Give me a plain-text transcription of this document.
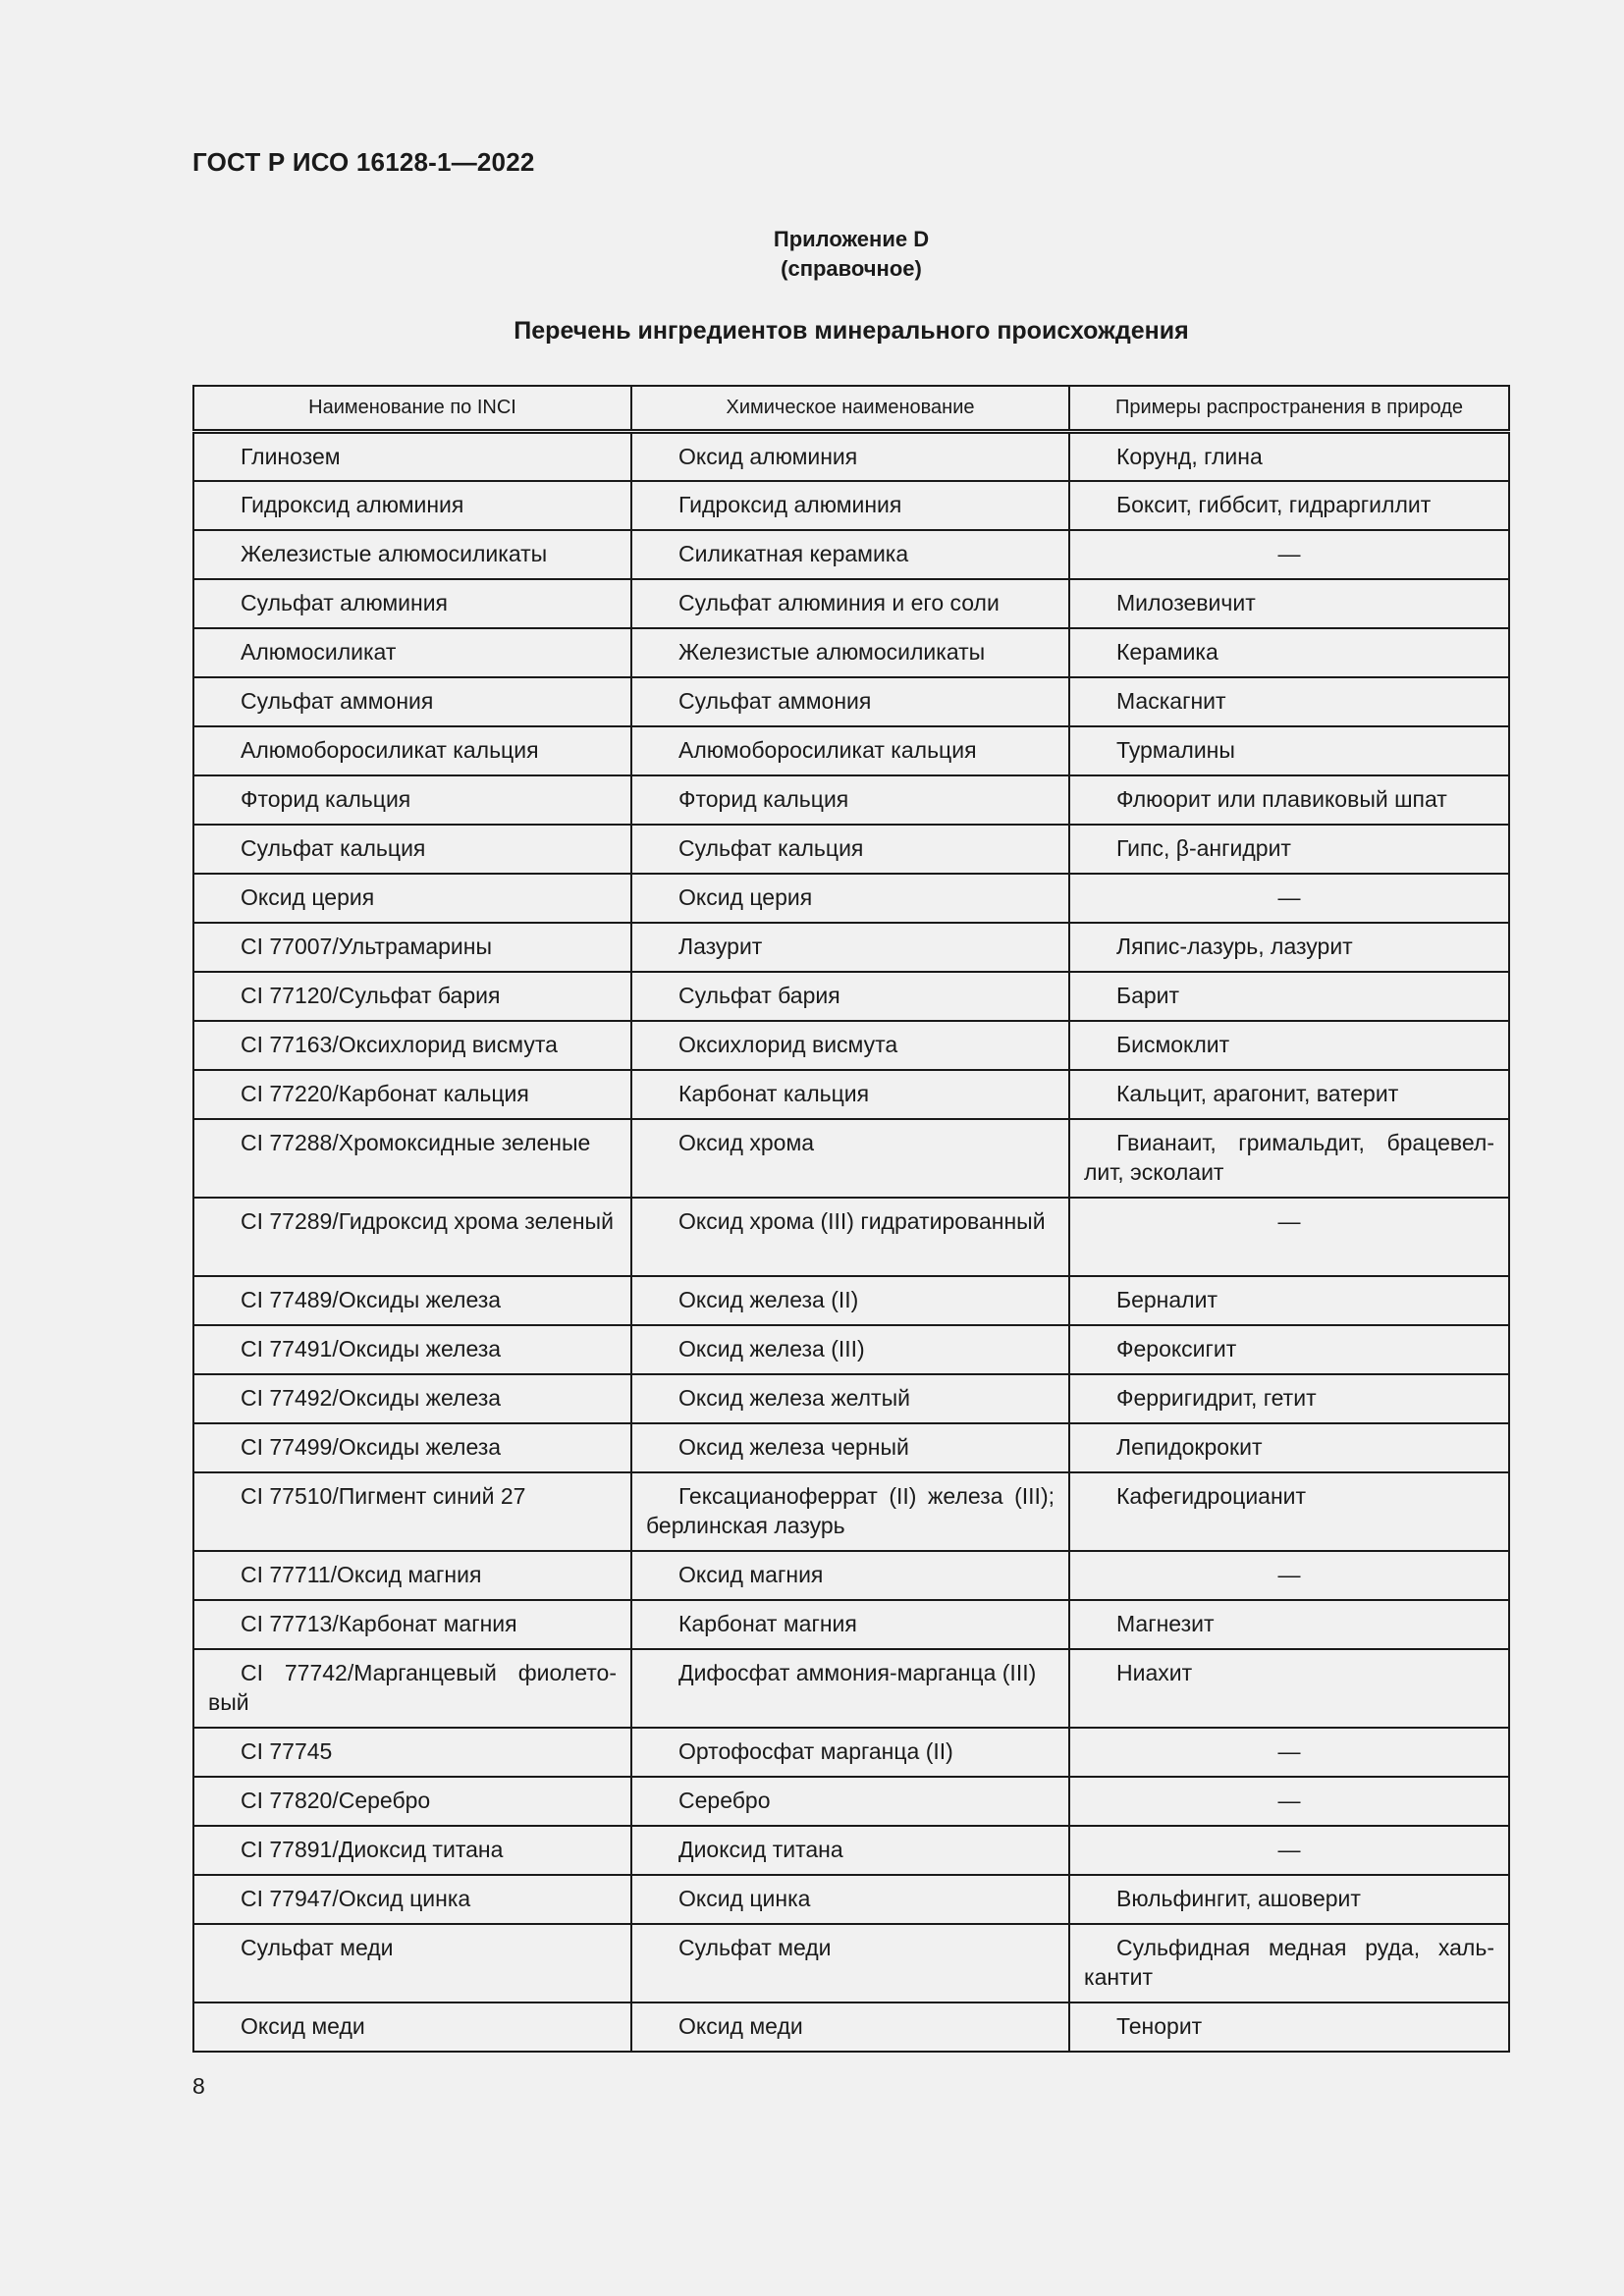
ГОСТ Р ИСО 16128-1—2022
Приложение D
(справочное)
Перечень ингредиентов минерального происхождения
Наименование по INCI	Химическое наименование	Примеры распространения в природе

Глинозем	Оксид алюминия	Корунд, глина

Гидроксид алюминия	Гидроксид алюминия	Боксит, гиббсит, гидраргиллит

Железистые алюмосиликаты	Силикатная керамика	—

Сульфат алюминия	Сульфат алюминия и его соли	Милозевичит

Алюмосиликат	Железистые алюмосиликаты	Керамика

Сульфат аммония	Сульфат аммония	Маскагнит

Алюмоборосиликат кальция	Алюмоборосиликат кальция	Турмалины

Фторид кальция	Фторид кальция	Флюорит или плавиковый шпат

Сульфат кальция	Сульфат кальция	Гипс, β-ангидрит

Оксид церия	Оксид церия	—

CI 77007/Ультрамарины	Лазурит	Ляпис-лазурь, лазурит

CI 77120/Сульфат бария	Сульфат бария	Барит

CI 77163/Оксихлорид висмута	Оксихлорид висмута	Бисмоклит

CI 77220/Карбонат кальция	Карбонат кальция	Кальцит, арагонит, ватерит

CI 77288/Хромоксидные зеленые	Оксид хрома	Гвианаит, гримальдит, брацевеллит, эсколаит

CI 77289/Гидроксид хрома зеленый	Оксид хрома (III) гидратированный	—

CI 77489/Оксиды железа	Оксид железа (II)	Берналит

CI 77491/Оксиды железа	Оксид железа (III)	Фероксигит

CI 77492/Оксиды железа	Оксид железа желтый	Ферригидрит, гетит

CI 77499/Оксиды железа	Оксид железа черный	Лепидокрокит

CI 77510/Пигмент синий 27	Гексацианоферрат (II) железа (III); берлинская лазурь	Кафегидроцианит

CI 77711/Оксид магния	Оксид магния	—

CI 77713/Карбонат магния	Карбонат магния	Магнезит

CI 77742/Марганцевый фиолетовый	Дифосфат аммония-марганца (III)	Ниахит

CI 77745	Ортофосфат марганца (II)	—

CI 77820/Серебро	Серебро	—

CI 77891/Диоксид титана	Диоксид титана	—

CI 77947/Оксид цинка	Оксид цинка	Вюльфингит, ашоверит

Сульфат меди	Сульфат меди	Сульфидная медная руда, халькантит

Оксид меди	Оксид меди	Тенорит
8
